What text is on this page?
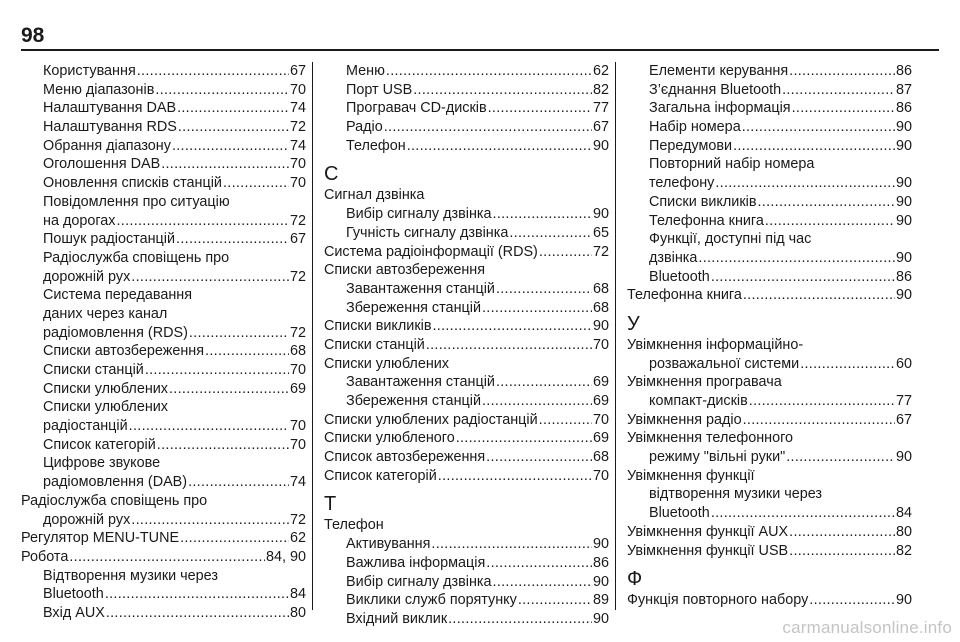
98
Користування .....	67
Меню діапазонів .....	70
Налаштування DAB .....	74
Налаштування RDS .....	72
Обрання діапазону .....	74
Оголошення DAB .....	70
Оновлення списків станцій .....	70
Повідомлення про ситуацію
на дорогах .....	72
Пошук радіостанцій .....	67
Радіослужба сповіщень про
дорожній рух .....	72
Система передавання
даних через канал
радіомовлення (RDS) .....	72
Списки автозбереження .....	68
Списки станцій .....	70
Списки улюблених .....	69
Списки улюблених
радіостанцій .....	70
Список категорій .....	70
Цифрове звукове
радіомовлення (DAB) .....	74
Радіослужба сповіщень про
дорожній рух .....	72
Регулятор MENU-TUNE .....	62
Робота .....	84, 90
Відтворення музики через
Bluetooth .....	84
Вхід AUX .....	80
Меню .....	62
Порт USB .....	82
Програвач CD-дисків .....	77
Радіо .....	67
Телефон .....	90
С
Сигнал дзвінка
Вибір сигналу дзвінка .....	90
Гучність сигналу дзвінка .....	65
Система радіоінформації (RDS) .....	72
Списки автозбереження
Завантаження станцій .....	68
Збереження станцій .....	68
Списки викликів .....	90
Списки станцій .....	70
Списки улюблених
Завантаження станцій .....	69
Збереження станцій .....	69
Списки улюблених радіостанцій .....	70
Списки улюбленого .....	69
Список автозбереження .....	68
Список категорій .....	70
Т
Телефон
Активування .....	90
Важлива інформація .....	86
Вибір сигналу дзвінка .....	90
Виклики служб порятунку .....	89
Вхідний виклик .....	90
Елементи керування .....	86
З’єднання Bluetooth .....	87
Загальна інформація .....	86
Набір номера .....	90
Передумови .....	90
Повторний набір номера
телефону .....	90
Списки викликів .....	90
Телефонна книга .....	90
Функції, доступні під час
дзвінка .....	90
Bluetooth .....	86
Телефонна книга .....	90
У
Увімкнення інформаційно-
розважальної системи .....	60
Увімкнення програвача
компакт-дисків .....	77
Увімкнення радіо .....	67
Увімкнення телефонного
режиму "вільні руки" .....	90
Увімкнення функції
відтворення музики через
Bluetooth .....	84
Увімкнення функції AUX .....	80
Увімкнення функції USB .....	82
Ф
Функція повторного набору .....	90
carmanualsonline.info
